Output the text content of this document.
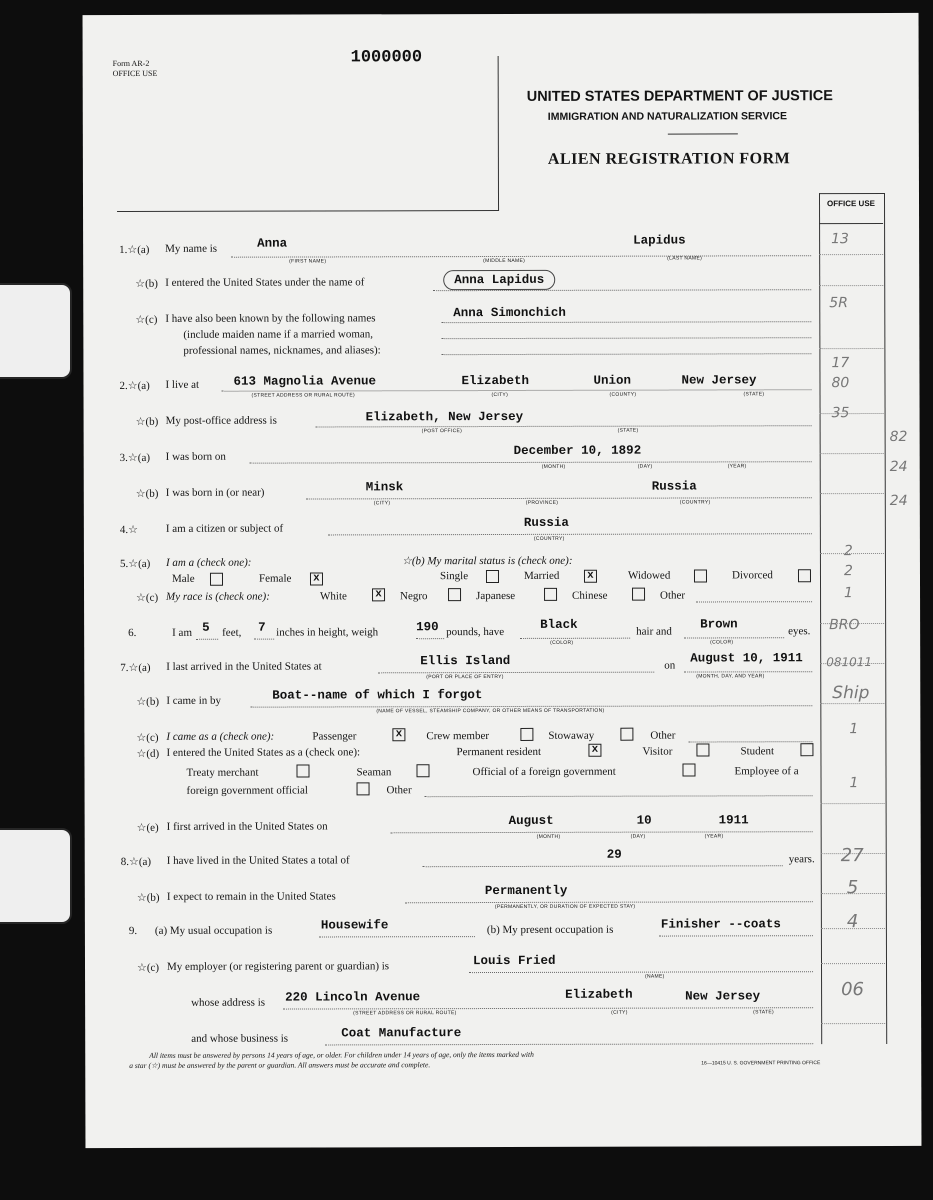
Form AR-2
OFFICE USE
1000000
UNITED STATES DEPARTMENT OF JUSTICE
IMMIGRATION AND NATURALIZATION SERVICE
ALIEN REGISTRATION FORM
OFFICE USE
13
5R
17
80
35
82
24
24
2
2
1
BRO
081011
Ship
1
1
27
5
4
06
1.☆(a) My name is	Anna	Lapidus
(FIRST NAME)	(MIDDLE NAME)	(LAST NAME)
☆(b) I entered the United States under the name of	Anna Lapidus
☆(c) I have also been known by the following names
(include maiden name if a married woman,
professional names, nicknames, and aliases):
Anna Simonchich
2.☆(a) I live at	613 Magnolia Avenue	Elizabeth	Union	New Jersey
(STREET ADDRESS OR RURAL ROUTE)	(CITY)	(COUNTY)	(STATE)
☆(b) My post-office address is	Elizabeth, New Jersey
(POST OFFICE)	(STATE)
3.☆(a) I was born on	December 10, 1892
(MONTH)	(DAY)	(YEAR)
☆(b) I was born in (or near)	Minsk	Russia
(CITY)	(PROVINCE)	(COUNTRY)
4.☆	I am a citizen or subject of	Russia
(COUNTRY)
5.☆(a) I am a (check one):	☆(b) My marital status is (check one):
Male	Female x	Single	Married	x	Widowed	Divorced
☆(c) My race is (check one):	White	x Negro	Japanese	Chinese	Other
6.	I am 5 feet, 7 inches in height, weigh	190 pounds, have
Black
(COLOR)
hair and
Brown
(COLOR)
eyes.
7.☆(a) I last arrived in the United States at	Ellis Island
(PORT OR PLACE OF ENTRY)
on
August 10, 1911
(MONTH, DAY, AND YEAR)
☆(b) I came in by	Boat--name of which I forgot
(NAME OF VESSEL, STEAMSHIP COMPANY, OR OTHER MEANS OF TRANSPORTATION)
☆(c) I came as a (check one):	Passenger	x Crew member	Stowaway	Other
☆(d) I entered the United States as a (check one):	Permanent resident	x	Visitor	Student
Treaty merchant	Seaman	Official of a foreign government	Employee of a
foreign government official	Other
☆(e) I first arrived in the United States on	August	10	1911
(MONTH)	(DAY)	(YEAR)
8.☆(a) I have lived in the United States a total of	29	years.
☆(b) I expect to remain in the United States	Permanently
(PERMANENTLY, OR DURATION OF EXPECTED STAY)
9. (a) My usual occupation is	Housewife	(b) My present occupation is	Finisher --coats
☆(c) My employer (or registering parent or guardian) is	Louis Fried
(NAME)
whose address is 220 Lincoln Avenue	Elizabeth	New Jersey
(STREET ADDRESS OR RURAL ROUTE)	(CITY)	(STATE)
and whose business is	Coat Manufacture
All items must be answered by persons 14 years of age, or older. For children under 14 years of age, only the items marked with
a star (☆) must be answered by the parent or guardian. All answers must be accurate and complete.	16—10415 U. S. GOVERNMENT PRINTING OFFICE
